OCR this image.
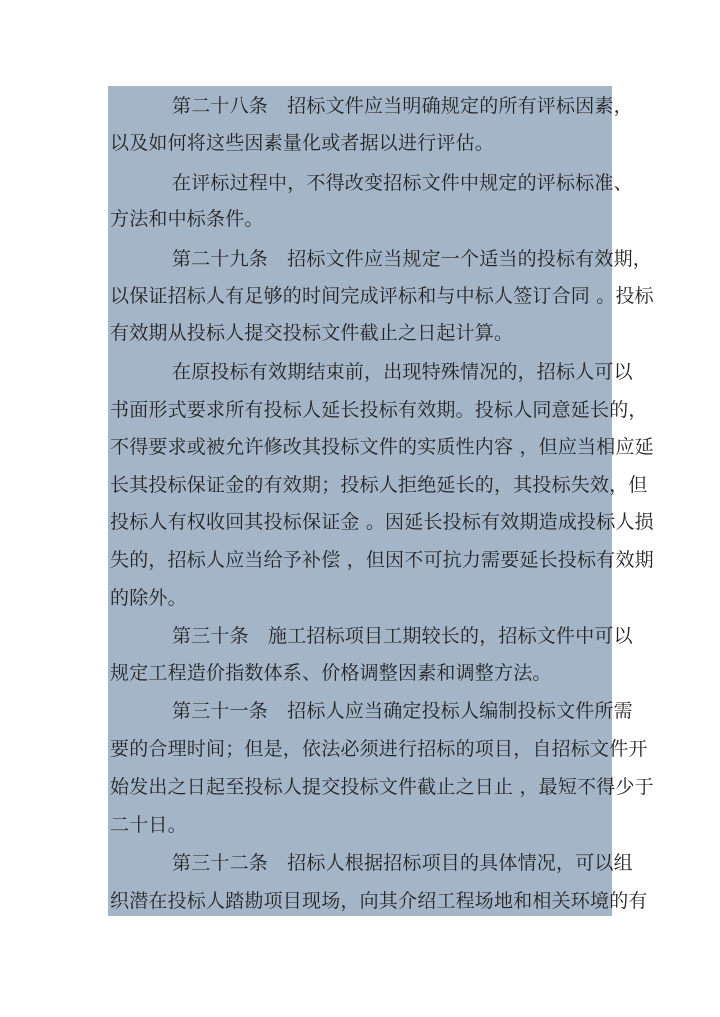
第二十八条　招标文件应当明确规定的所有评标因素，
以及如何将这些因素量化或者据以进行评估。
在评标过程中，不得改变招标文件中规定的评标标准、
方法和中标条件。
第二十九条　招标文件应当规定一个适当的投标有效期，
以保证招标人有足够的时间完成评标和与中标人签订合同 。投标
有效期从投标人提交投标文件截止之日起计算。
在原投标有效期结束前，出现特殊情况的，招标人可以
书面形式要求所有投标人延长投标有效期。投标人同意延长的，
不得要求或被允许修改其投标文件的实质性内容 ，但应当相应延
长其投标保证金的有效期；投标人拒绝延长的，其投标失效，但
投标人有权收回其投标保证金 。因延长投标有效期造成投标人损
失的，招标人应当给予补偿 ，但因不可抗力需要延长投标有效期
的除外。
第三十条　施工招标项目工期较长的，招标文件中可以
规定工程造价指数体系、价格调整因素和调整方法。
第三十一条　招标人应当确定投标人编制投标文件所需
要的合理时间；但是，依法必须进行招标的项目，自招标文件开
始发出之日起至投标人提交投标文件截止之日止 ，最短不得少于
二十日。
第三十二条　招标人根据招标项目的具体情况，可以组
织潜在投标人踏勘项目现场，向其介绍工程场地和相关环境的有
